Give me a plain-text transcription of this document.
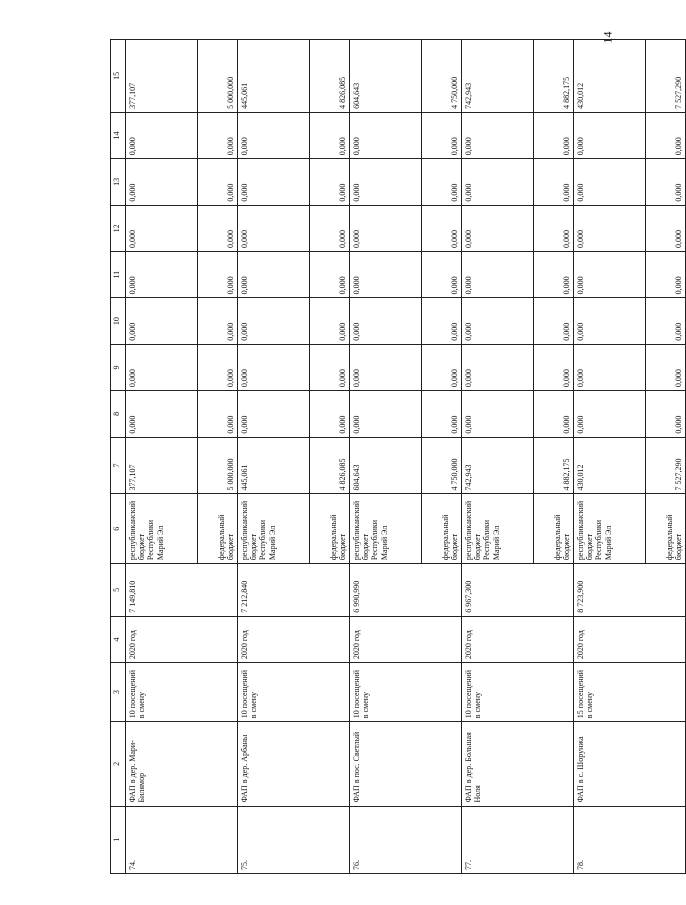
14
1	2	3	4	5	6	7	8	9	10	11	12	13	14	15
74.	ФАП в дер. Мари-Билямор	10 посещений в смену	2020 год	7 149,810	республиканский бюджет Республики Марий Эл	377,107	0,000	0,000	0,000	0,000	0,000	0,000	0,000	377,107
					федеральный бюджет	5 000,000	0,000	0,000	0,000	0,000	0,000	0,000	0,000	5 000,000
75.	ФАП в дер. Арбаны	10 посещений в смену	2020 год	7 212,840	республиканский бюджет Республики Марий Эл	445,061	0,000	0,000	0,000	0,000	0,000	0,000	0,000	445,061
					федеральный бюджет	4 826,085	0,000	0,000	0,000	0,000	0,000	0,000	0,000	4 826,085
76.	ФАП в пос. Светлый	10 посещений в смену	2020 год	6 990,990	республиканский бюджет Республики Марий Эл	604,643	0,000	0,000	0,000	0,000	0,000	0,000	0,000	604,643
					федеральный бюджет	4 750,000	0,000	0,000	0,000	0,000	0,000	0,000	0,000	4 750,000
77.	ФАП в дер. Большая Ноля	10 посещений в смену	2020 год	6 967,300	республиканский бюджет Республики Марий Эл	742,943	0,000	0,000	0,000	0,000	0,000	0,000	0,000	742,943
					федеральный бюджет	4 882,175	0,000	0,000	0,000	0,000	0,000	0,000	0,000	4 882,175
78.	ФАП в с. Шорунжа	15 посещений в смену	2020 год	8 723,900	республиканский бюджет Республики Марий Эл	430,012	0,000	0,000	0,000	0,000	0,000	0,000	0,000	430,012
					федеральный бюджет	7 527,290	0,000	0,000	0,000	0,000	0,000	0,000	0,000	7 527,290
